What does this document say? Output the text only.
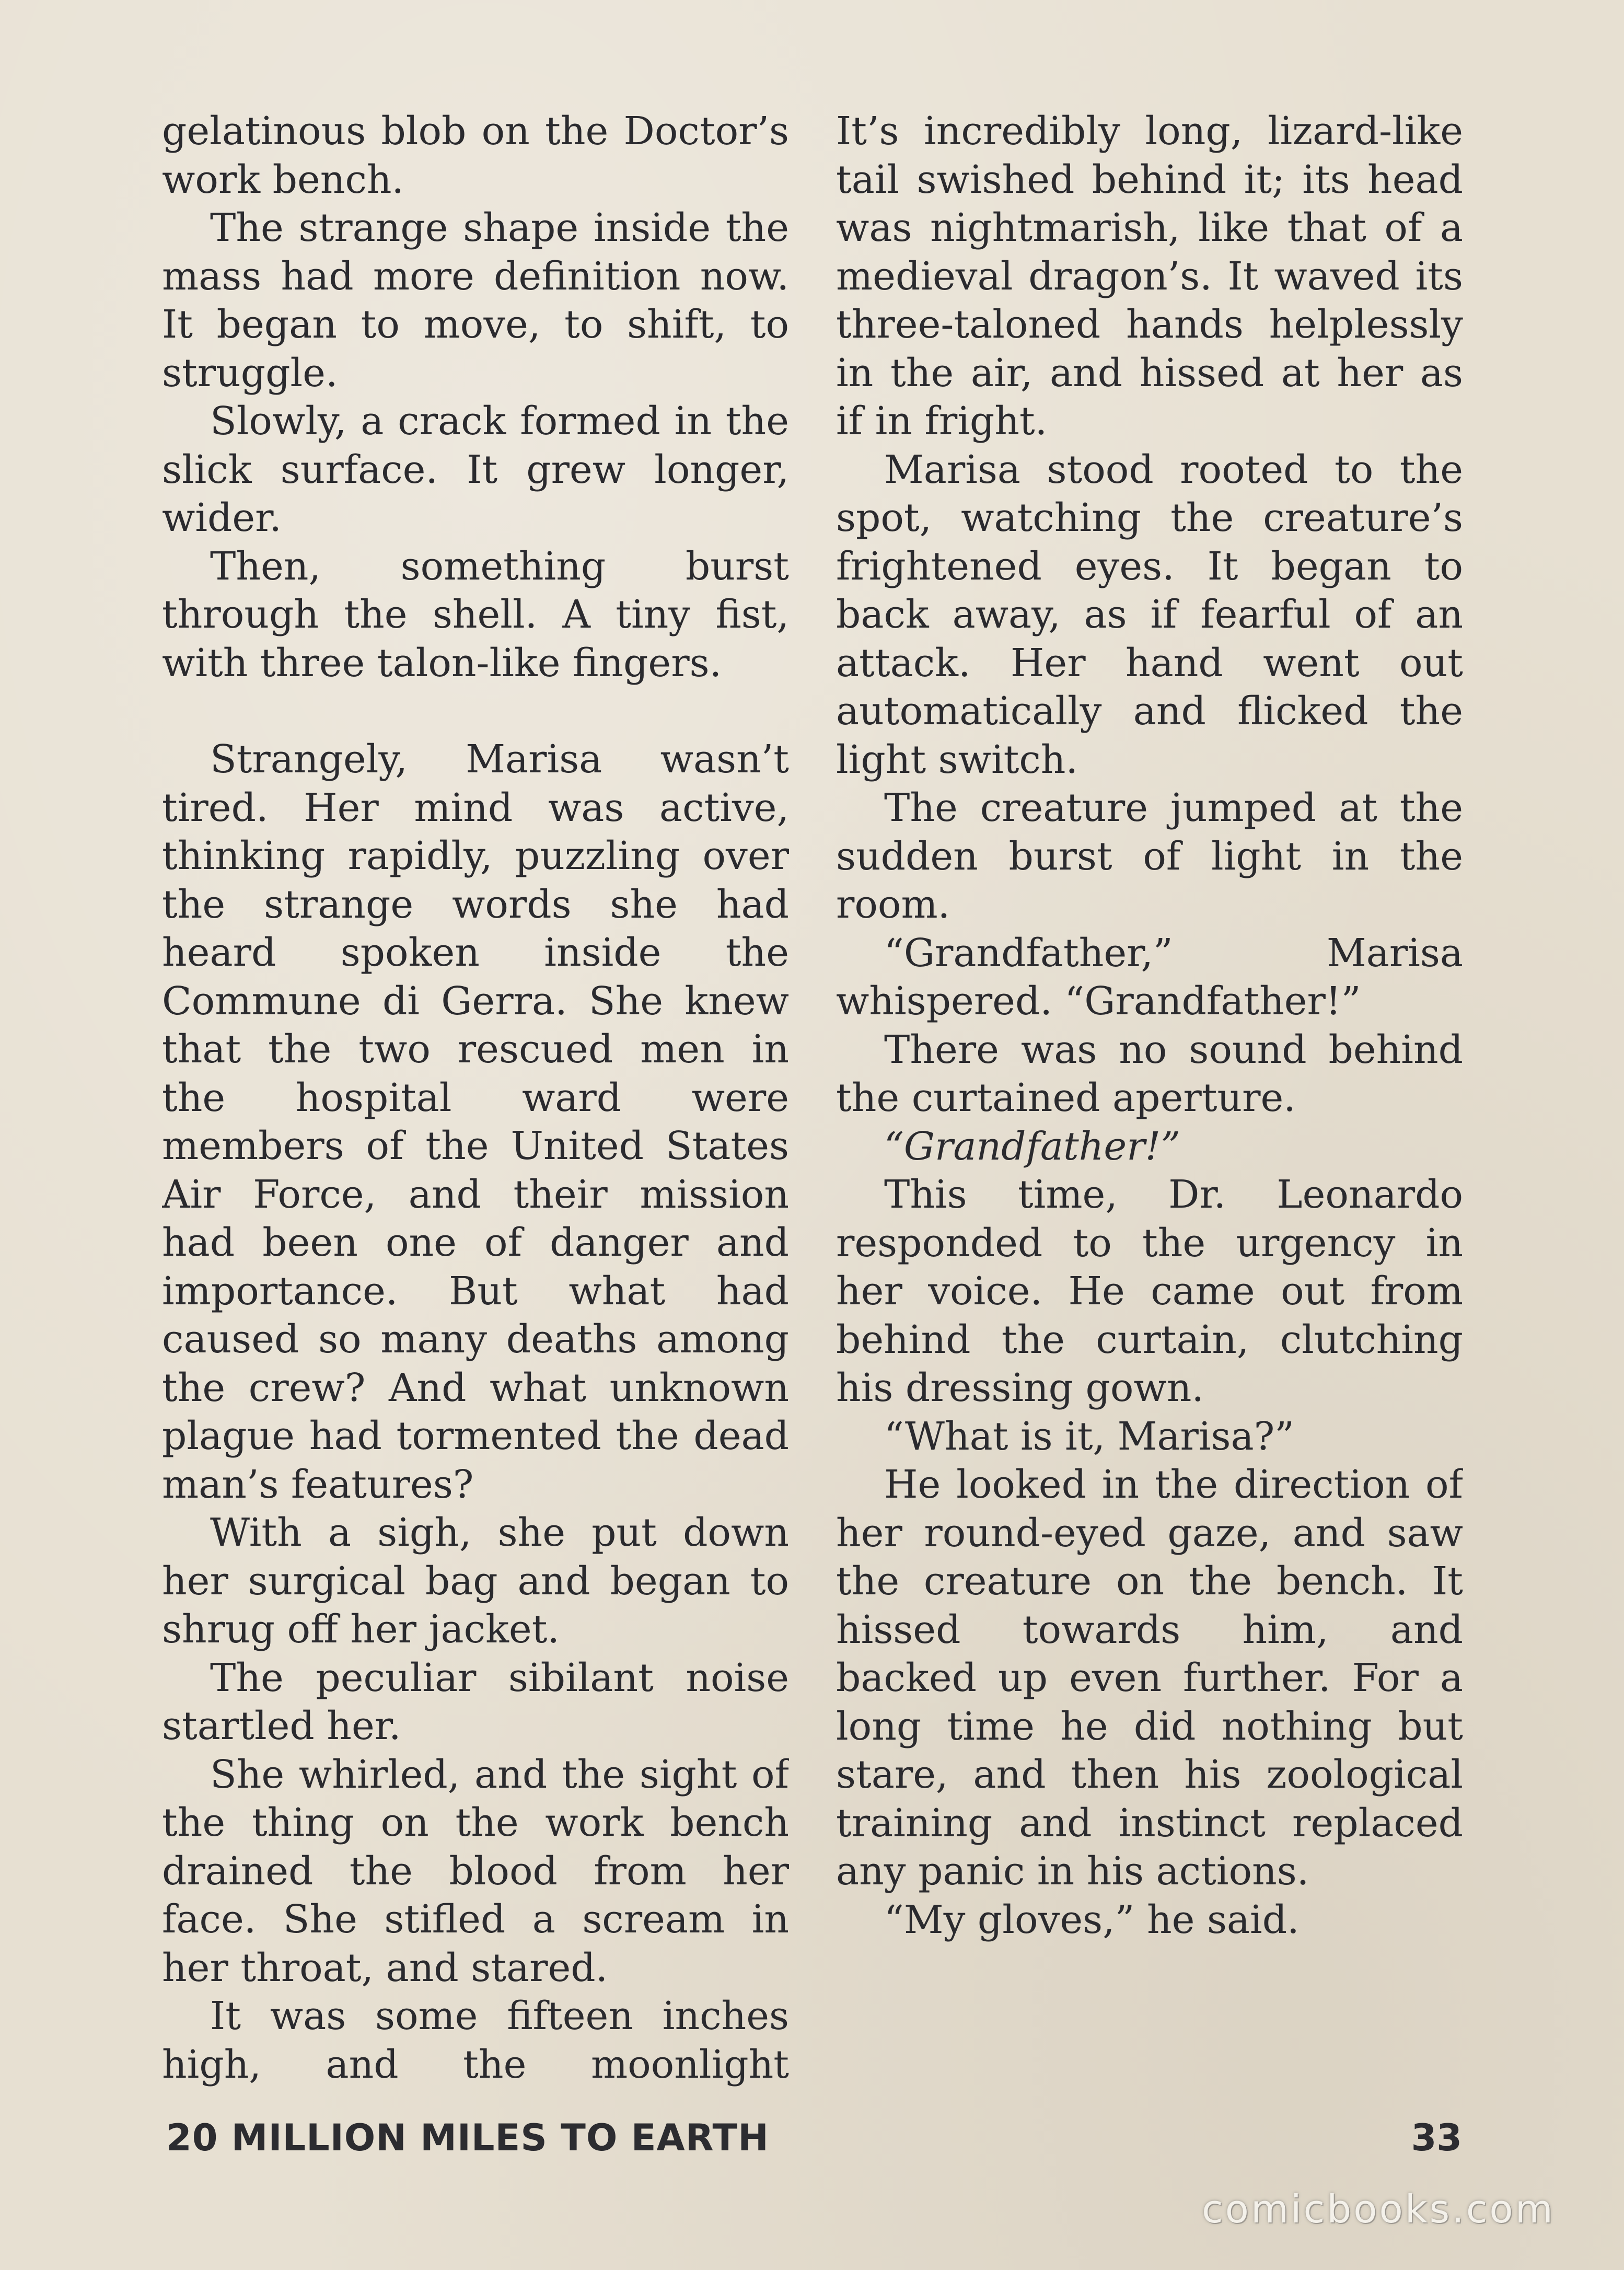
gelatinous blob on the Doctor’s work bench.

The strange shape inside the mass had more definition now. It began to move, to shift, to struggle.

Slowly, a crack formed in the slick surface. It grew longer, wider.

Then, something burst through the shell. A tiny fist, with three talon-like fingers.

Strangely, Marisa wasn’t tired. Her mind was active, thinking rapidly, puzzling over the strange words she had heard spoken inside the Commune di Gerra. She knew that the two rescued men in the hospital ward were members of the United States Air Force, and their mission had been one of danger and importance. But what had caused so many deaths among the crew? And what unknown plague had tormented the dead man’s features?

With a sigh, she put down her surgical bag and began to shrug off her jacket.

The peculiar sibilant noise startled her.

She whirled, and the sight of the thing on the work bench drained the blood from her face. She stifled a scream in her throat, and stared.

It was some fifteen inches high, and the moonlight

It’s incredibly long, lizard-like tail swished behind it; its head was nightmarish, like that of a medieval dragon’s. It waved its three-taloned hands helplessly in the air, and hissed at her as if in fright.

Marisa stood rooted to the spot, watching the creature’s frightened eyes. It began to back away, as if fearful of an attack. Her hand went out automatically and flicked the light switch.

The creature jumped at the sudden burst of light in the room.

“Grandfather,” Marisa whispered. “Grandfather!”

There was no sound behind the curtained aperture.

“Grandfather!”

This time, Dr. Leonardo responded to the urgency in her voice. He came out from behind the curtain, clutching his dressing gown.

“What is it, Marisa?”

He looked in the direction of her round-eyed gaze, and saw the creature on the bench. It hissed towards him, and backed up even further. For a long time he did nothing but stare, and then his zoological training and instinct replaced any panic in his actions.

“My gloves,” he said.

20 MILLION MILES TO EARTH	33
comicbooks.com
